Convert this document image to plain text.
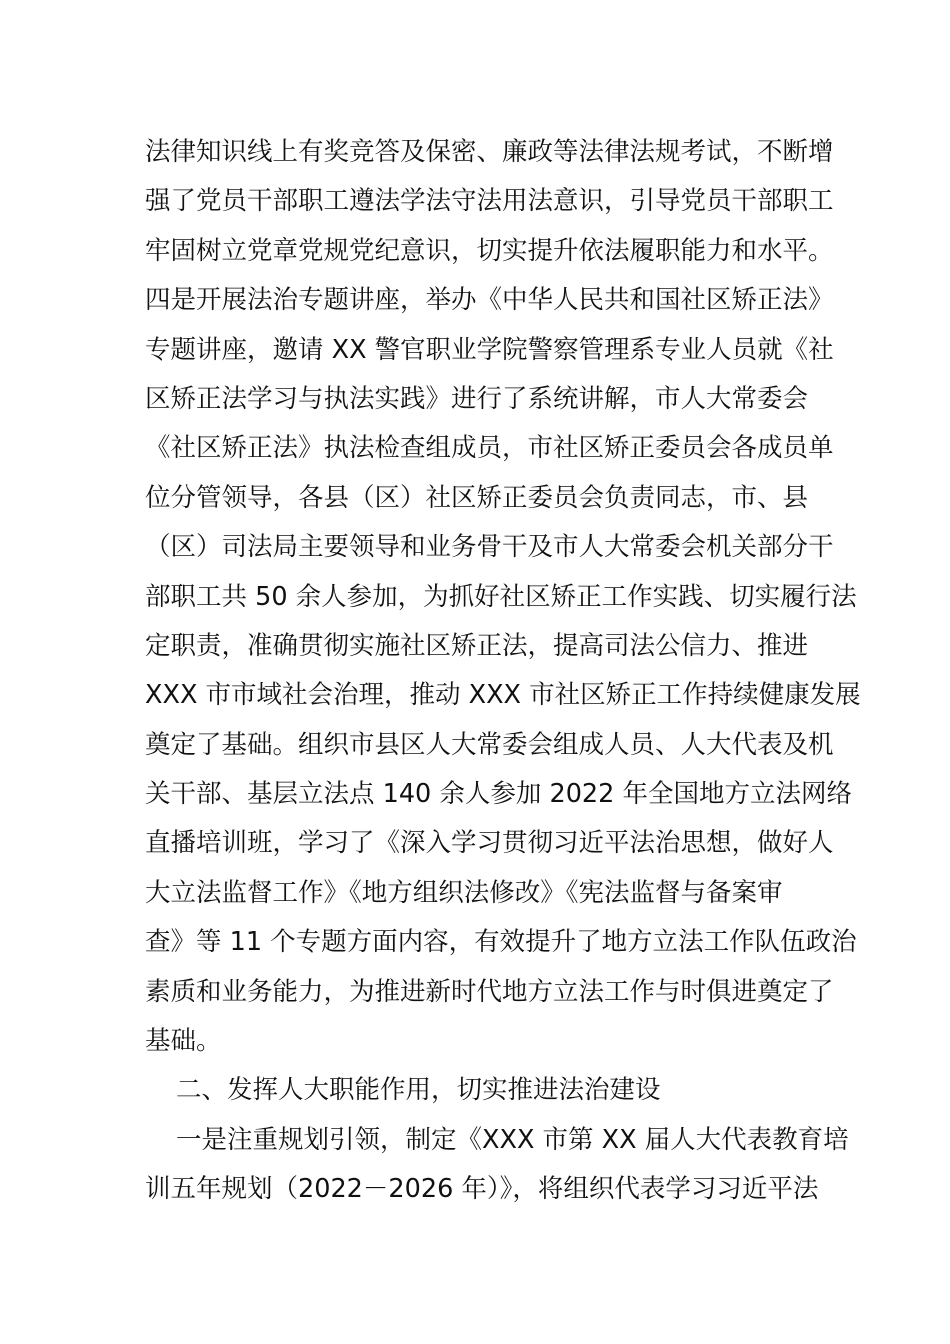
法律知识线上有奖竞答及保密、廉政等法律法规考试，不断增
强了党员干部职工遵法学法守法用法意识，引导党员干部职工
牢固树立党章党规党纪意识，切实提升依法履职能力和水平。
四是开展法治专题讲座，举办《中华人民共和国社区矫正法》
专题讲座，邀请 XX 警官职业学院警察管理系专业人员就《社
区矫正法学习与执法实践》进行了系统讲解，市人大常委会
《社区矫正法》执法检查组成员，市社区矫正委员会各成员单
位分管领导，各县（区）社区矫正委员会负责同志，市、县
（区）司法局主要领导和业务骨干及市人大常委会机关部分干
部职工共 50 余人参加，为抓好社区矫正工作实践、切实履行法
定职责，准确贯彻实施社区矫正法，提高司法公信力、推进
XXX 市市域社会治理，推动 XXX 市社区矫正工作持续健康发展
奠定了基础。组织市县区人大常委会组成人员、人大代表及机
关干部、基层立法点 140 余人参加 2022 年全国地方立法网络
直播培训班，学习了《深入学习贯彻习近平法治思想，做好人
大立法监督工作》《地方组织法修改》《宪法监督与备案审
查》等 11 个专题方面内容，有效提升了地方立法工作队伍政治
素质和业务能力，为推进新时代地方立法工作与时俱进奠定了
基础。
二、发挥人大职能作用，切实推进法治建设
一是注重规划引领，制定《XXX 市第 XX 届人大代表教育培
训五年规划（2022－2026 年）》，将组织代表学习习近平法
